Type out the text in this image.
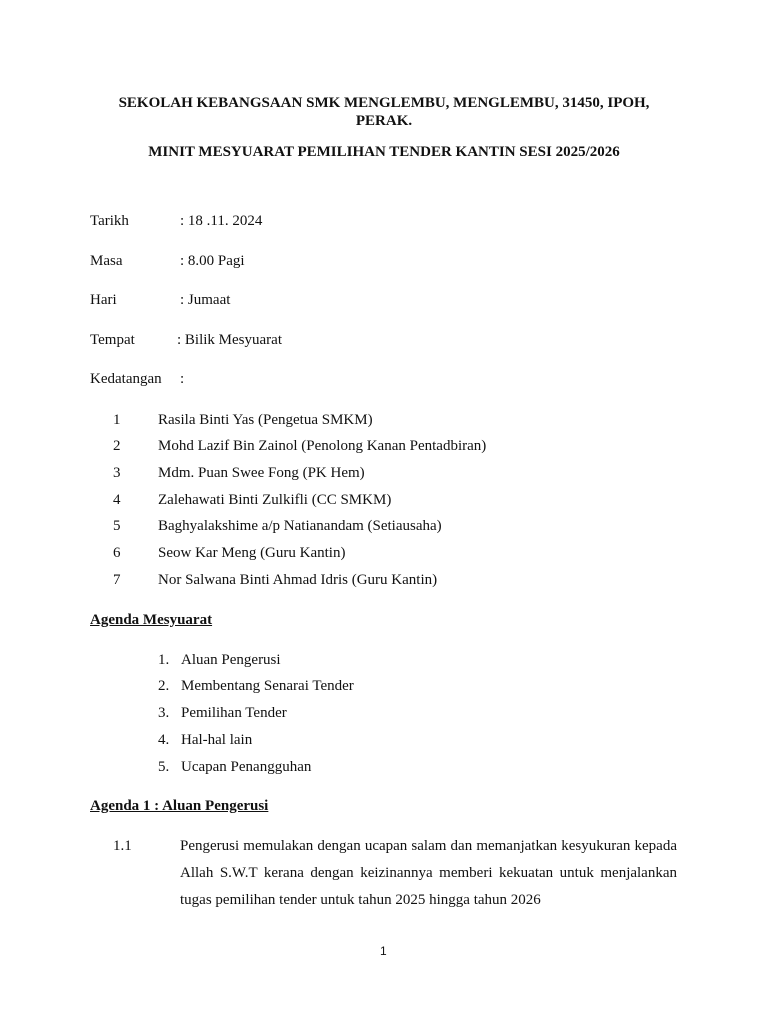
SEKOLAH KEBANGSAAN SMK MENGLEMBU, MENGLEMBU, 31450, IPOH, PERAK.
MINIT MESYUARAT PEMILIHAN TENDER KANTIN SESI 2025/2026
Tarikh	: 18 .11. 2024
Masa	: 8.00 Pagi
Hari	: Jumaat
Tempat	: Bilik Mesyuarat
Kedatangan :
1	Rasila Binti Yas (Pengetua SMKM)
2	Mohd Lazif Bin Zainol (Penolong Kanan Pentadbiran)
3	Mdm. Puan Swee Fong (PK Hem)
4	Zalehawati Binti Zulkifli (CC SMKM)
5	Baghyalakshime a/p Natianandam (Setiausaha)
6	Seow Kar Meng (Guru Kantin)
7	Nor Salwana Binti Ahmad Idris (Guru Kantin)
Agenda Mesyuarat
1. Aluan Pengerusi
2. Membentang Senarai Tender
3. Pemilihan Tender
4. Hal-hal lain
5. Ucapan Penangguhan
Agenda 1 : Aluan Pengerusi
1.1	Pengerusi memulakan dengan ucapan salam dan memanjatkan kesyukuran kepada Allah S.W.T kerana dengan keizinannya memberi kekuatan untuk menjalankan tugas pemilihan tender untuk tahun 2025 hingga tahun 2026
1
